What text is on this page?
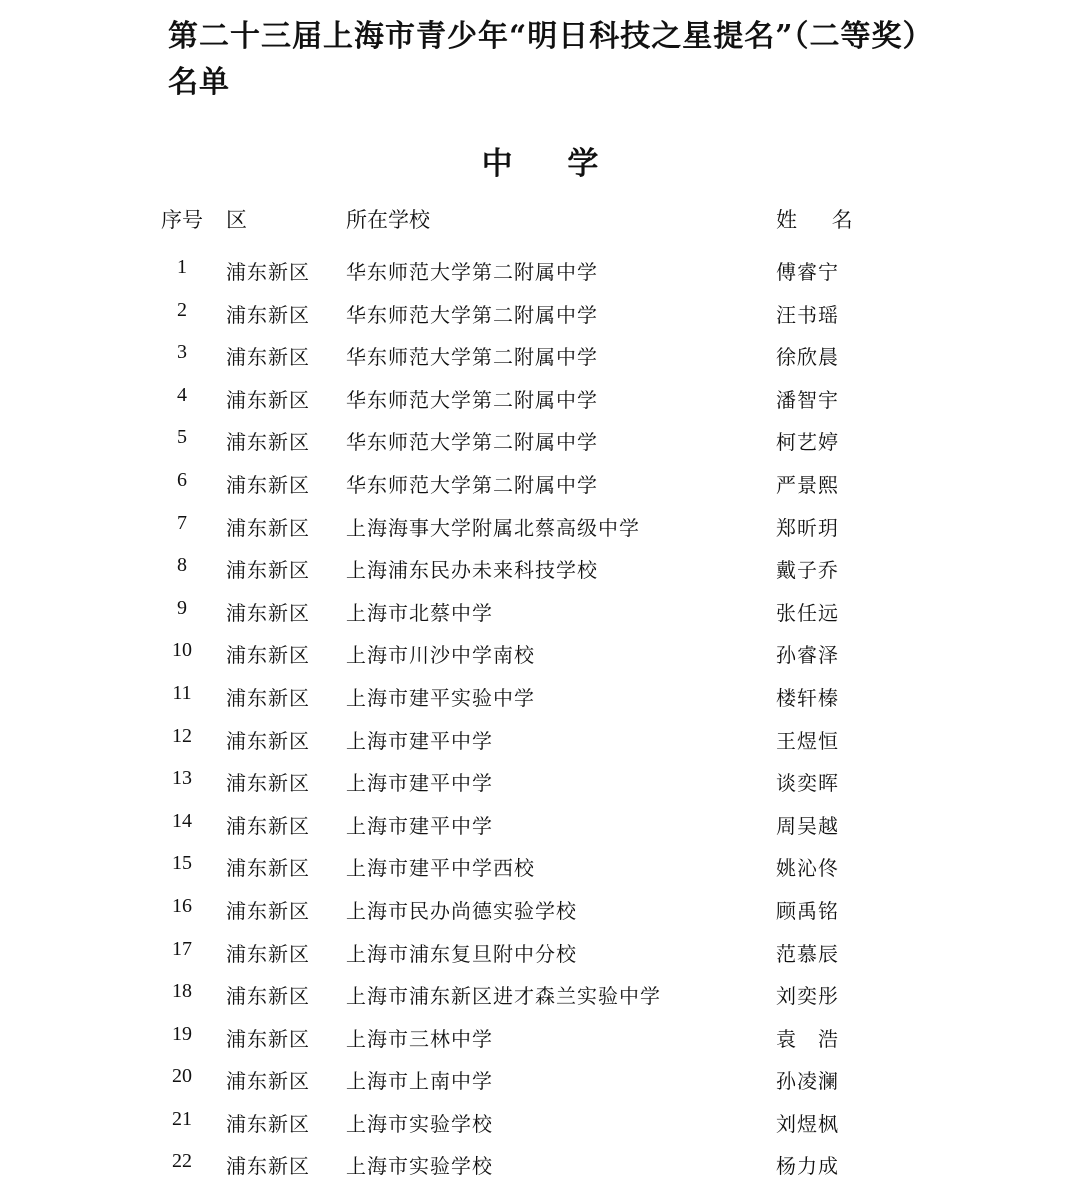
第二十三届上海市青少年“明日科技之星提名”（二等奖）
名单
中 学
序号 区	所在学校	姓 名
1	浦东新区 华东师范大学第二附属中学	傅睿宁
2	浦东新区 华东师范大学第二附属中学	汪书瑶
3	浦东新区 华东师范大学第二附属中学	徐欣晨
4	浦东新区 华东师范大学第二附属中学	潘智宇
5	浦东新区 华东师范大学第二附属中学	柯艺婷
6	浦东新区 华东师范大学第二附属中学	严景熙
7	浦东新区 上海海事大学附属北蔡高级中学	郑昕玥
8	浦东新区 上海浦东民办未来科技学校	戴子乔
9	浦东新区 上海市北蔡中学	张任远
10	浦东新区 上海市川沙中学南校	孙睿泽
11	浦东新区 上海市建平实验中学	楼轩榛
12	浦东新区 上海市建平中学	王煜恒
13	浦东新区 上海市建平中学	谈奕晖
14	浦东新区 上海市建平中学	周吴越
15	浦东新区 上海市建平中学西校	姚沁佟
16	浦东新区 上海市民办尚德实验学校	顾禹铭
17	浦东新区 上海市浦东复旦附中分校	范慕辰
18	浦东新区 上海市浦东新区进才森兰实验中学	刘奕彤
19	浦东新区 上海市三林中学	袁　浩
20	浦东新区 上海市上南中学	孙凌澜
21	浦东新区 上海市实验学校	刘煜枫
22	浦东新区 上海市实验学校	杨力成
